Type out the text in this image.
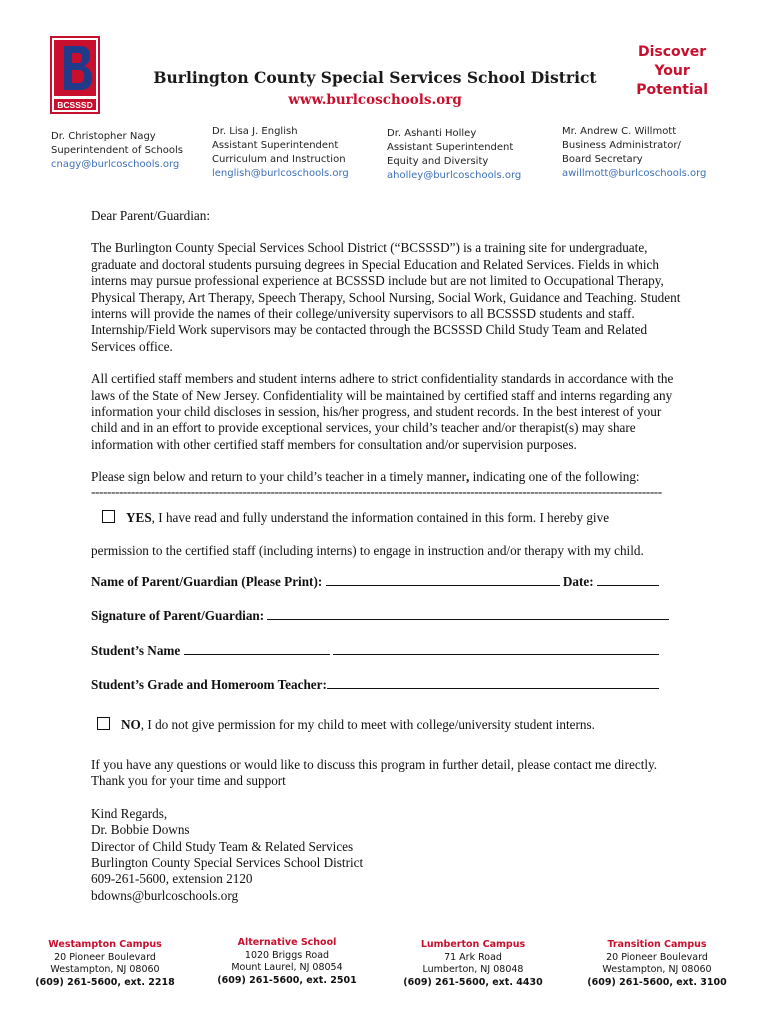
BCSSSD
Burlington County Special Services School District
www.burlcoschools.org
Discover
Your
Potential
Dr. Christopher Nagy
Superintendent of Schools
cnagy@burlcoschools.org
Dr. Lisa J. English
Assistant Superintendent
Curriculum and Instruction
lenglish@burlcoschools.org
Dr. Ashanti Holley
Assistant Superintendent
Equity and Diversity
aholley@burlcoschools.org
Mr. Andrew C. Willmott
Business Administrator/
Board Secretary
awillmott@burlcoschools.org

Dear Parent/Guardian:

The Burlington County Special Services School District (“BCSSSD”) is a training site for undergraduate, graduate and doctoral students pursuing degrees in Special Education and Related Services. Fields in which interns may pursue professional experience at BCSSSD include but are not limited to Occupational Therapy, Physical Therapy, Art Therapy, Speech Therapy, School Nursing, Social Work, Guidance and Teaching. Student interns will provide the names of their college/university supervisors to all BCSSSD students and staff. Internship/Field Work supervisors may be contacted through the BCSSSD Child Study Team and Related Services office.

All certified staff members and student interns adhere to strict confidentiality standards in accordance with the laws of the State of New Jersey. Confidentiality will be maintained by certified staff and interns regarding any information your child discloses in session, his/her progress, and student records. In the best interest of your child and in an effort to provide exceptional services, your child’s teacher and/or therapist(s) may share information with other certified staff members for consultation and/or supervision purposes.

Please sign below and return to your child’s teacher in a timely manner, indicating one of the following:

-----------------------------------------------------------------------------------------------------------------------------------------------

YES, I have read and fully understand the information contained in this form. I hereby give

permission to the certified staff (including interns) to engage in instruction and/or therapy with my child.

Name of Parent/Guardian (Please Print):	Date:

Signature of Parent/Guardian:

Student’s Name

Student’s Grade and Homeroom Teacher:

NO, I do not give permission for my child to meet with college/university student interns.

If you have any questions or would like to discuss this program in further detail, please contact me directly. Thank you for your time and support

Kind Regards,
Dr. Bobbie Downs
Director of Child Study Team & Related Services
Burlington County Special Services School District
609-261-5600, extension 2120
bdowns@burlcoschools.org
Westampton Campus
20 Pioneer Boulevard
Westampton, NJ 08060
(609) 261-5600, ext. 2218
Alternative School
1020 Briggs Road
Mount Laurel, NJ 08054
(609) 261-5600, ext. 2501
Lumberton Campus
71 Ark Road
Lumberton, NJ 08048
(609) 261-5600, ext. 4430
Transition Campus
20 Pioneer Boulevard
Westampton, NJ 08060
(609) 261-5600, ext. 3100
